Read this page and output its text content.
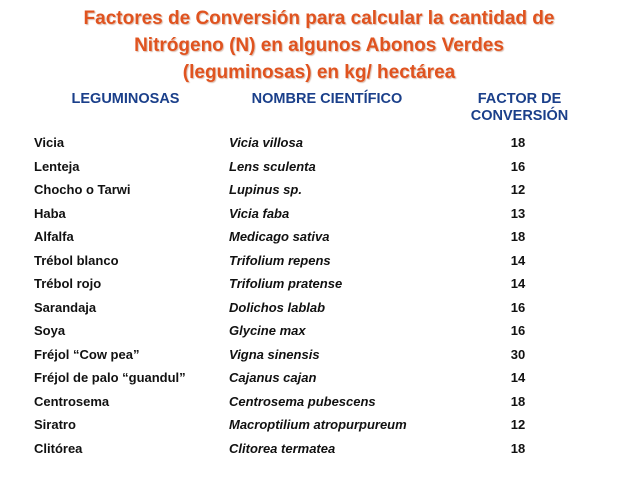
Factores de Conversión para calcular la cantidad de
Nitrógeno (N) en algunos Abonos Verdes
(leguminosas) en kg/ hectárea
LEGUMINOSAS	NOMBRE CIENTÍFICO	FACTOR DE
CONVERSIÓN
Vicia	Vicia villosa	18
Lenteja	Lens sculenta	16
Chocho o Tarwi	Lupinus sp.	12
Haba	Vicia faba	13
Alfalfa	Medicago sativa	18
Trébol blanco	Trifolium repens	14
Trébol rojo	Trifolium pratense	14
Sarandaja	Dolichos lablab	16
Soya	Glycine max	16
Fréjol “Cow pea”	Vigna sinensis	30
Fréjol de palo “guandul”	Cajanus cajan	14
Centrosema	Centrosema pubescens	18
Siratro	Macroptilium atropurpureum	12
Clitórea	Clitorea termatea	18
